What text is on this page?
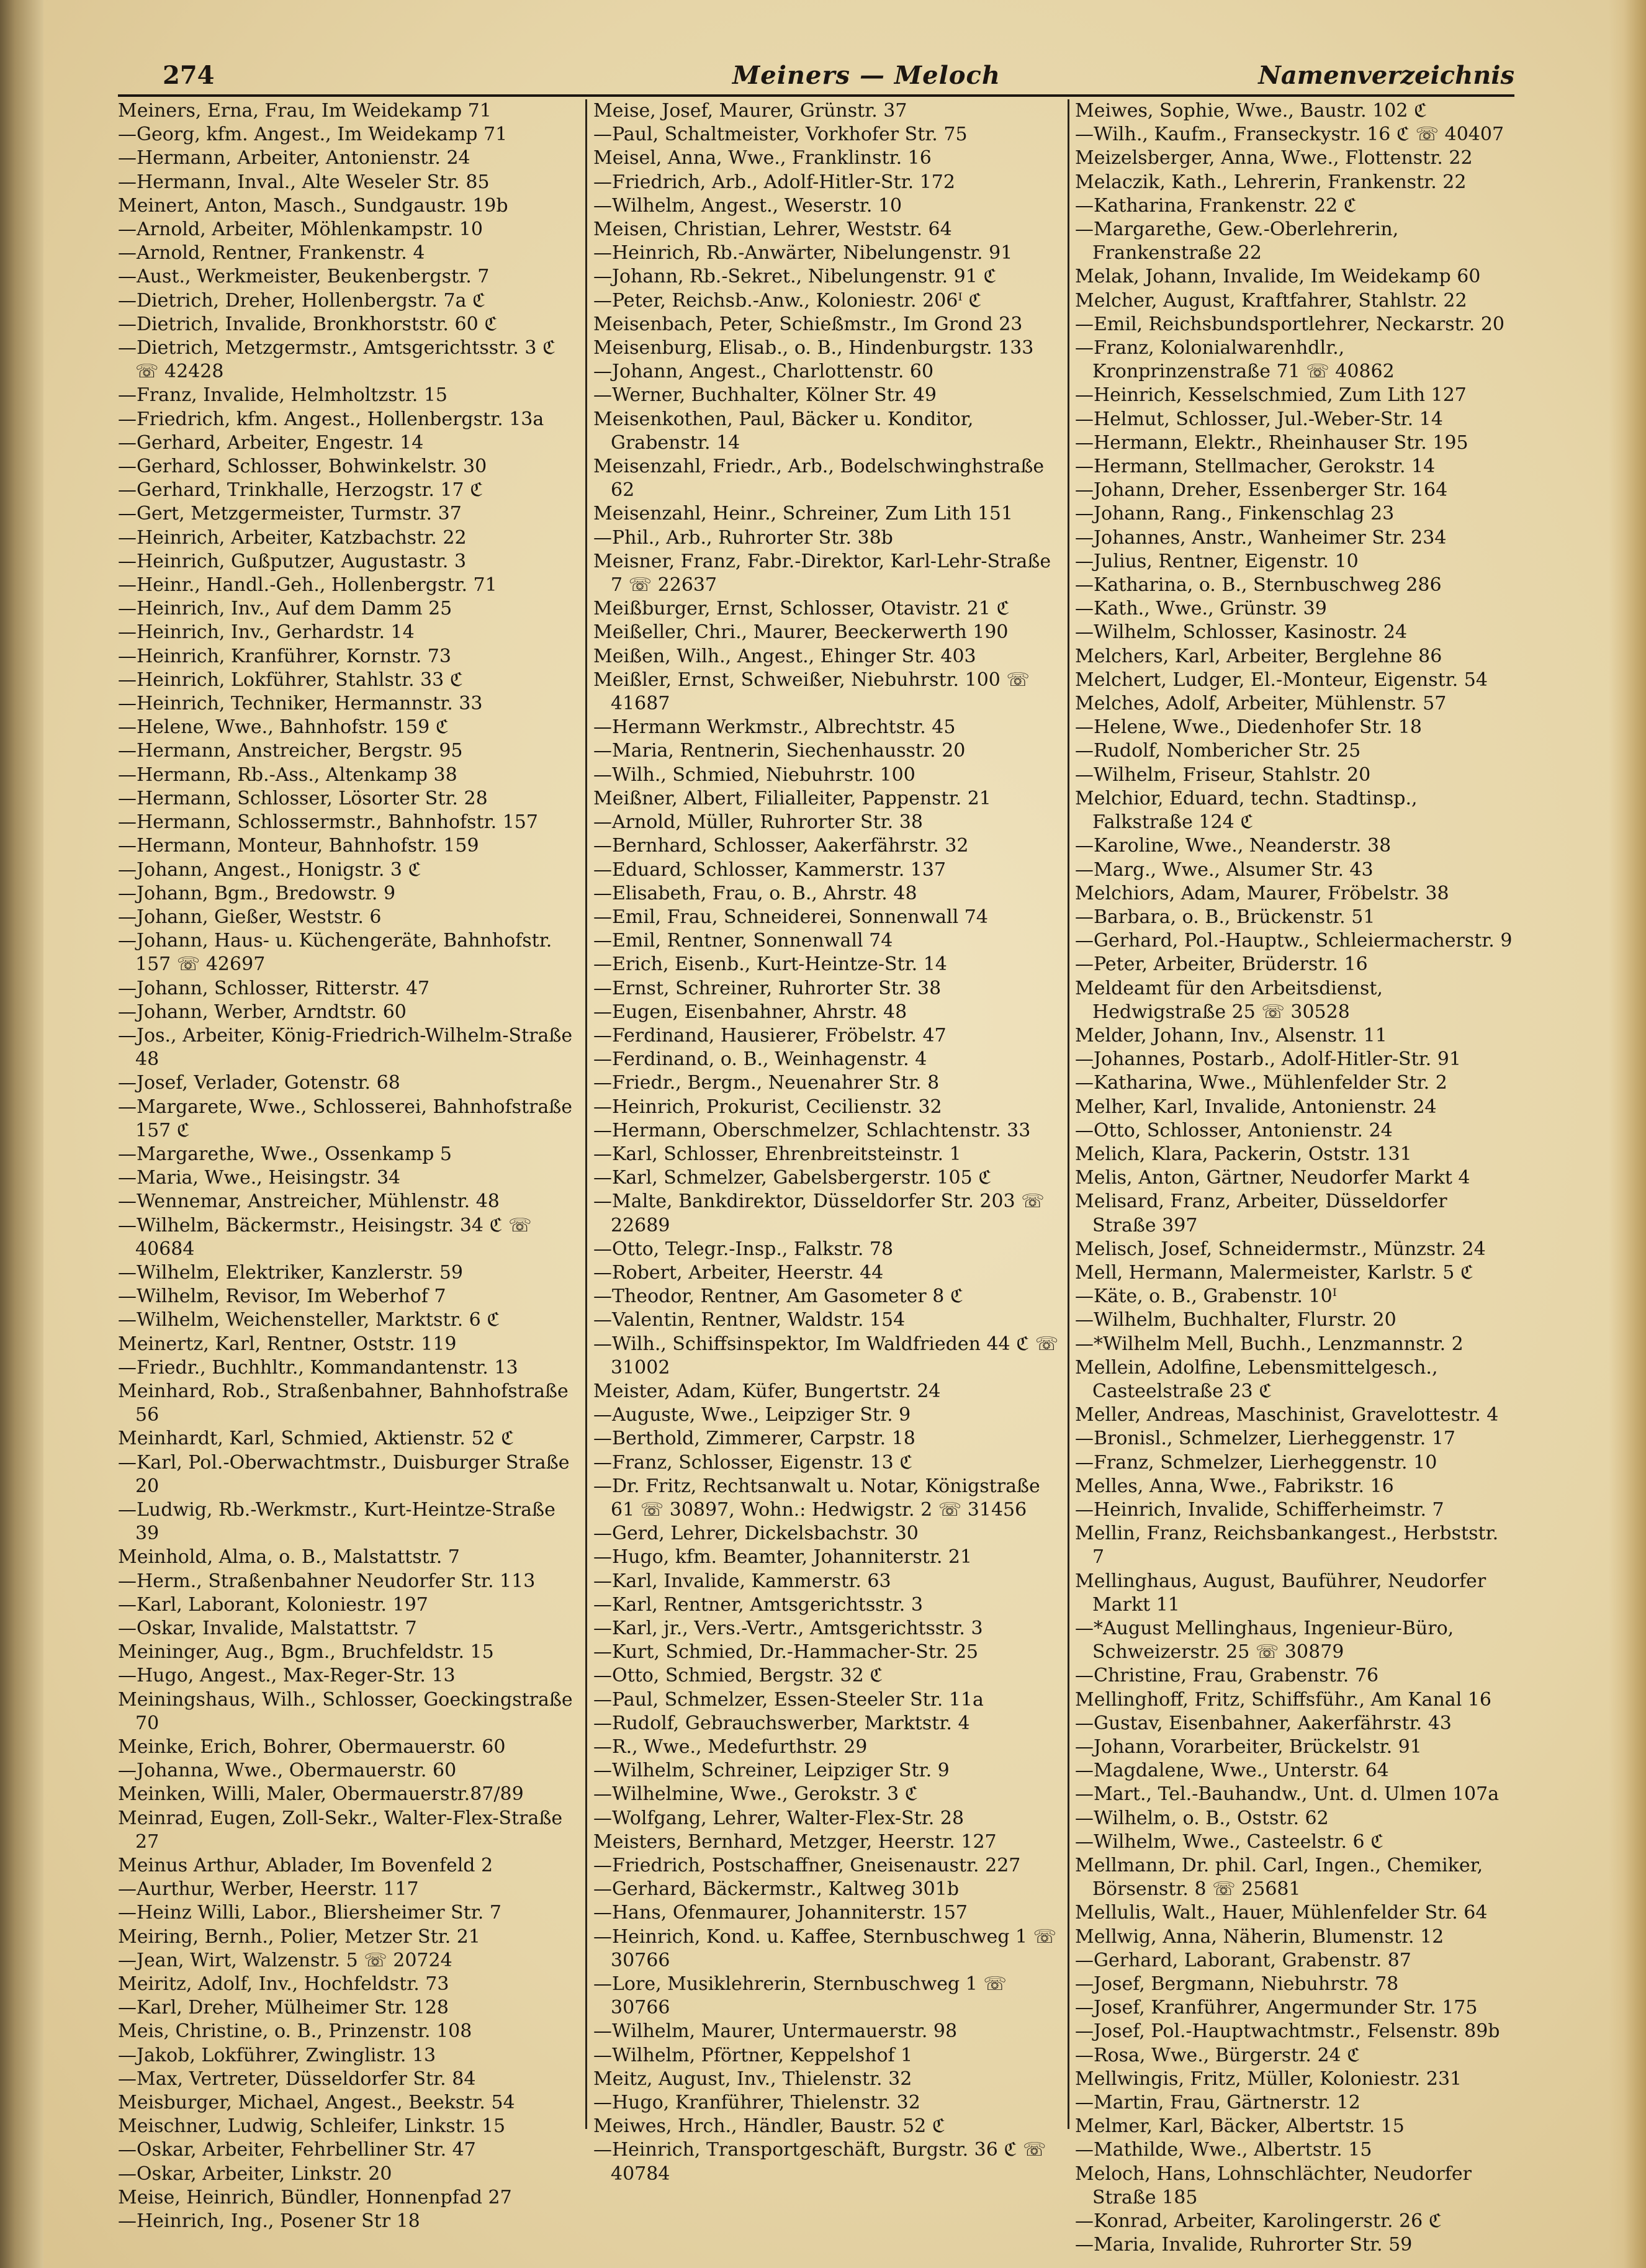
274	Meiners — Meloch	Namenverzeichnis
Meiners, Erna, Frau, Im Weidekamp 71
—Georg, kfm. Angest., Im Weidekamp 71
—Hermann, Arbeiter, Antonienstr. 24
—Hermann, Inval., Alte Weseler Str. 85
Meinert, Anton, Masch., Sundgaustr. 19b
—Arnold, Arbeiter, Möhlenkampstr. 10
—Arnold, Rentner, Frankenstr. 4
—Aust., Werkmeister, Beukenbergstr. 7
—Dietrich, Dreher, Hollenbergstr. 7a ℭ
—Dietrich, Invalide, Bronkhorststr. 60 ℭ
—Dietrich, Metzgermstr., Amtsgerichtsstr. 3 ℭ ☏ 42428
—Franz, Invalide, Helmholtzstr. 15
—Friedrich, kfm. Angest., Hollenbergstr. 13a
—Gerhard, Arbeiter, Engestr. 14
—Gerhard, Schlosser, Bohwinkelstr. 30
—Gerhard, Trinkhalle, Herzogstr. 17 ℭ
—Gert, Metzgermeister, Turmstr. 37
—Heinrich, Arbeiter, Katzbachstr. 22
—Heinrich, Gußputzer, Augustastr. 3
—Heinr., Handl.-Geh., Hollenbergstr. 71
—Heinrich, Inv., Auf dem Damm 25
—Heinrich, Inv., Gerhardstr. 14
—Heinrich, Kranführer, Kornstr. 73
—Heinrich, Lokführer, Stahlstr. 33 ℭ
—Heinrich, Techniker, Hermannstr. 33
—Helene, Wwe., Bahnhofstr. 159 ℭ
—Hermann, Anstreicher, Bergstr. 95
—Hermann, Rb.-Ass., Altenkamp 38
—Hermann, Schlosser, Lösorter Str. 28
—Hermann, Schlossermstr., Bahnhofstr. 157
—Hermann, Monteur, Bahnhofstr. 159
—Johann, Angest., Honigstr. 3 ℭ
—Johann, Bgm., Bredowstr. 9
—Johann, Gießer, Weststr. 6
—Johann, Haus- u. Küchengeräte, Bahnhofstr. 157 ☏ 42697
—Johann, Schlosser, Ritterstr. 47
—Johann, Werber, Arndtstr. 60
—Jos., Arbeiter, König-Friedrich-Wilhelm-Straße 48
—Josef, Verlader, Gotenstr. 68
—Margarete, Wwe., Schlosserei, Bahnhofstraße 157 ℭ
—Margarethe, Wwe., Ossenkamp 5
—Maria, Wwe., Heisingstr. 34
—Wennemar, Anstreicher, Mühlenstr. 48
—Wilhelm, Bäckermstr., Heisingstr. 34 ℭ ☏ 40684
—Wilhelm, Elektriker, Kanzlerstr. 59
—Wilhelm, Revisor, Im Weberhof 7
—Wilhelm, Weichensteller, Marktstr. 6 ℭ
Meinertz, Karl, Rentner, Oststr. 119
—Friedr., Buchhltr., Kommandantenstr. 13
Meinhard, Rob., Straßenbahner, Bahnhofstraße 56
Meinhardt, Karl, Schmied, Aktienstr. 52 ℭ
—Karl, Pol.-Oberwachtmstr., Duisburger Straße 20
—Ludwig, Rb.-Werkmstr., Kurt-Heintze-Straße 39
Meinhold, Alma, o. B., Malstattstr. 7
—Herm., Straßenbahner Neudorfer Str. 113
—Karl, Laborant, Koloniestr. 197
—Oskar, Invalide, Malstattstr. 7
Meininger, Aug., Bgm., Bruchfeldstr. 15
—Hugo, Angest., Max-Reger-Str. 13
Meiningshaus, Wilh., Schlosser, Goeckingstraße 70
Meinke, Erich, Bohrer, Obermauerstr. 60
—Johanna, Wwe., Obermauerstr. 60
Meinken, Willi, Maler, Obermauerstr.87/89
Meinrad, Eugen, Zoll-Sekr., Walter-Flex-Straße 27
Meinus Arthur, Ablader, Im Bovenfeld 2
—Aurthur, Werber, Heerstr. 117
—Heinz Willi, Labor., Bliersheimer Str. 7
Meiring, Bernh., Polier, Metzer Str. 21
—Jean, Wirt, Walzenstr. 5 ☏ 20724
Meiritz, Adolf, Inv., Hochfeldstr. 73
—Karl, Dreher, Mülheimer Str. 128
Meis, Christine, o. B., Prinzenstr. 108
—Jakob, Lokführer, Zwinglistr. 13
—Max, Vertreter, Düsseldorfer Str. 84
Meisburger, Michael, Angest., Beekstr. 54
Meischner, Ludwig, Schleifer, Linkstr. 15
—Oskar, Arbeiter, Fehrbelliner Str. 47
—Oskar, Arbeiter, Linkstr. 20
Meise, Heinrich, Bündler, Honnenpfad 27
—Heinrich, Ing., Posener Str 18
Meise, Josef, Maurer, Grünstr. 37
—Paul, Schaltmeister, Vorkhofer Str. 75
Meisel, Anna, Wwe., Franklinstr. 16
—Friedrich, Arb., Adolf-Hitler-Str. 172
—Wilhelm, Angest., Weserstr. 10
Meisen, Christian, Lehrer, Weststr. 64
—Heinrich, Rb.-Anwärter, Nibelungenstr. 91
—Johann, Rb.-Sekret., Nibelungenstr. 91 ℭ
—Peter, Reichsb.-Anw., Koloniestr. 206ᴵ ℭ
Meisenbach, Peter, Schießmstr., Im Grond 23
Meisenburg, Elisab., o. B., Hindenburgstr. 133
—Johann, Angest., Charlottenstr. 60
—Werner, Buchhalter, Kölner Str. 49
Meisenkothen, Paul, Bäcker u. Konditor, Grabenstr. 14
Meisenzahl, Friedr., Arb., Bodelschwinghstraße 62
Meisenzahl, Heinr., Schreiner, Zum Lith 151
—Phil., Arb., Ruhrorter Str. 38b
Meisner, Franz, Fabr.-Direktor, Karl-Lehr-Straße 7 ☏ 22637
Meißburger, Ernst, Schlosser, Otavistr. 21 ℭ
Meißeller, Chri., Maurer, Beeckerwerth 190
Meißen, Wilh., Angest., Ehinger Str. 403
Meißler, Ernst, Schweißer, Niebuhrstr. 100 ☏ 41687
—Hermann Werkmstr., Albrechtstr. 45
—Maria, Rentnerin, Siechenhausstr. 20
—Wilh., Schmied, Niebuhrstr. 100
Meißner, Albert, Filialleiter, Pappenstr. 21
—Arnold, Müller, Ruhrorter Str. 38
—Bernhard, Schlosser, Aakerfährstr. 32
—Eduard, Schlosser, Kammerstr. 137
—Elisabeth, Frau, o. B., Ahrstr. 48
—Emil, Frau, Schneiderei, Sonnenwall 74
—Emil, Rentner, Sonnenwall 74
—Erich, Eisenb., Kurt-Heintze-Str. 14
—Ernst, Schreiner, Ruhrorter Str. 38
—Eugen, Eisenbahner, Ahrstr. 48
—Ferdinand, Hausierer, Fröbelstr. 47
—Ferdinand, o. B., Weinhagenstr. 4
—Friedr., Bergm., Neuenahrer Str. 8
—Heinrich, Prokurist, Cecilienstr. 32
—Hermann, Oberschmelzer, Schlachtenstr. 33
—Karl, Schlosser, Ehrenbreitsteinstr. 1
—Karl, Schmelzer, Gabelsbergerstr. 105 ℭ
—Malte, Bankdirektor, Düsseldorfer Str. 203 ☏ 22689
—Otto, Telegr.-Insp., Falkstr. 78
—Robert, Arbeiter, Heerstr. 44
—Theodor, Rentner, Am Gasometer 8 ℭ
—Valentin, Rentner, Waldstr. 154
—Wilh., Schiffsinspektor, Im Waldfrieden 44 ℭ ☏ 31002
Meister, Adam, Küfer, Bungertstr. 24
—Auguste, Wwe., Leipziger Str. 9
—Berthold, Zimmerer, Carpstr. 18
—Franz, Schlosser, Eigenstr. 13 ℭ
—Dr. Fritz, Rechtsanwalt u. Notar, Königstraße 61 ☏ 30897, Wohn.: Hedwigstr. 2 ☏ 31456
—Gerd, Lehrer, Dickelsbachstr. 30
—Hugo, kfm. Beamter, Johanniterstr. 21
—Karl, Invalide, Kammerstr. 63
—Karl, Rentner, Amtsgerichtsstr. 3
—Karl, jr., Vers.-Vertr., Amtsgerichtsstr. 3
—Kurt, Schmied, Dr.-Hammacher-Str. 25
—Otto, Schmied, Bergstr. 32 ℭ
—Paul, Schmelzer, Essen-Steeler Str. 11a
—Rudolf, Gebrauchswerber, Marktstr. 4
—R., Wwe., Medefurthstr. 29
—Wilhelm, Schreiner, Leipziger Str. 9
—Wilhelmine, Wwe., Gerokstr. 3 ℭ
—Wolfgang, Lehrer, Walter-Flex-Str. 28
Meisters, Bernhard, Metzger, Heerstr. 127
—Friedrich, Postschaffner, Gneisenaustr. 227
—Gerhard, Bäckermstr., Kaltweg 301b
—Hans, Ofenmaurer, Johanniterstr. 157
—Heinrich, Kond. u. Kaffee, Sternbuschweg 1 ☏ 30766
—Lore, Musiklehrerin, Sternbuschweg 1 ☏ 30766
—Wilhelm, Maurer, Untermauerstr. 98
—Wilhelm, Pförtner, Keppelshof 1
Meitz, August, Inv., Thielenstr. 32
—Hugo, Kranführer, Thielenstr. 32
Meiwes, Hrch., Händler, Baustr. 52 ℭ
—Heinrich, Transportgeschäft, Burgstr. 36 ℭ ☏ 40784
Meiwes, Sophie, Wwe., Baustr. 102 ℭ
—Wilh., Kaufm., Franseckystr. 16 ℭ ☏ 40407
Meizelsberger, Anna, Wwe., Flottenstr. 22
Melaczik, Kath., Lehrerin, Frankenstr. 22
—Katharina, Frankenstr. 22 ℭ
—Margarethe, Gew.-Oberlehrerin, Frankenstraße 22
Melak, Johann, Invalide, Im Weidekamp 60
Melcher, August, Kraftfahrer, Stahlstr. 22
—Emil, Reichsbundsportlehrer, Neckarstr. 20
—Franz, Kolonialwarenhdlr., Kronprinzenstraße 71 ☏ 40862
—Heinrich, Kesselschmied, Zum Lith 127
—Helmut, Schlosser, Jul.-Weber-Str. 14
—Hermann, Elektr., Rheinhauser Str. 195
—Hermann, Stellmacher, Gerokstr. 14
—Johann, Dreher, Essenberger Str. 164
—Johann, Rang., Finkenschlag 23
—Johannes, Anstr., Wanheimer Str. 234
—Julius, Rentner, Eigenstr. 10
—Katharina, o. B., Sternbuschweg 286
—Kath., Wwe., Grünstr. 39
—Wilhelm, Schlosser, Kasinostr. 24
Melchers, Karl, Arbeiter, Berglehne 86
Melchert, Ludger, El.-Monteur, Eigenstr. 54
Melches, Adolf, Arbeiter, Mühlenstr. 57
—Helene, Wwe., Diedenhofer Str. 18
—Rudolf, Nombericher Str. 25
—Wilhelm, Friseur, Stahlstr. 20
Melchior, Eduard, techn. Stadtinsp., Falkstraße 124 ℭ
—Karoline, Wwe., Neanderstr. 38
—Marg., Wwe., Alsumer Str. 43
Melchiors, Adam, Maurer, Fröbelstr. 38
—Barbara, o. B., Brückenstr. 51
—Gerhard, Pol.-Hauptw., Schleiermacherstr. 9
—Peter, Arbeiter, Brüderstr. 16
Meldeamt für den Arbeitsdienst, Hedwigstraße 25 ☏ 30528
Melder, Johann, Inv., Alsenstr. 11
—Johannes, Postarb., Adolf-Hitler-Str. 91
—Katharina, Wwe., Mühlenfelder Str. 2
Melher, Karl, Invalide, Antonienstr. 24
—Otto, Schlosser, Antonienstr. 24
Melich, Klara, Packerin, Oststr. 131
Melis, Anton, Gärtner, Neudorfer Markt 4
Melisard, Franz, Arbeiter, Düsseldorfer Straße 397
Melisch, Josef, Schneidermstr., Münzstr. 24
Mell, Hermann, Malermeister, Karlstr. 5 ℭ
—Käte, o. B., Grabenstr. 10ᴵ
—Wilhelm, Buchhalter, Flurstr. 20
—*Wilhelm Mell, Buchh., Lenzmannstr. 2
Mellein, Adolfine, Lebensmittelgesch., Casteelstraße 23 ℭ
Meller, Andreas, Maschinist, Gravelottestr. 4
—Bronisl., Schmelzer, Lierheggenstr. 17
—Franz, Schmelzer, Lierheggenstr. 10
Melles, Anna, Wwe., Fabrikstr. 16
—Heinrich, Invalide, Schifferheimstr. 7
Mellin, Franz, Reichsbankangest., Herbststr. 7
Mellinghaus, August, Bauführer, Neudorfer Markt 11
—*August Mellinghaus, Ingenieur-Büro, Schweizerstr. 25 ☏ 30879
—Christine, Frau, Grabenstr. 76
Mellinghoff, Fritz, Schiffsführ., Am Kanal 16
—Gustav, Eisenbahner, Aakerfährstr. 43
—Johann, Vorarbeiter, Brückelstr. 91
—Magdalene, Wwe., Unterstr. 64
—Mart., Tel.-Bauhandw., Unt. d. Ulmen 107a
—Wilhelm, o. B., Oststr. 62
—Wilhelm, Wwe., Casteelstr. 6 ℭ
Mellmann, Dr. phil. Carl, Ingen., Chemiker, Börsenstr. 8 ☏ 25681
Mellulis, Walt., Hauer, Mühlenfelder Str. 64
Mellwig, Anna, Näherin, Blumenstr. 12
—Gerhard, Laborant, Grabenstr. 87
—Josef, Bergmann, Niebuhrstr. 78
—Josef, Kranführer, Angermunder Str. 175
—Josef, Pol.-Hauptwachtmstr., Felsenstr. 89b
—Rosa, Wwe., Bürgerstr. 24 ℭ
Mellwingis, Fritz, Müller, Koloniestr. 231
—Martin, Frau, Gärtnerstr. 12
Melmer, Karl, Bäcker, Albertstr. 15
—Mathilde, Wwe., Albertstr. 15
Meloch, Hans, Lohnschlächter, Neudorfer Straße 185
—Konrad, Arbeiter, Karolingerstr. 26 ℭ
—Maria, Invalide, Ruhrorter Str. 59
